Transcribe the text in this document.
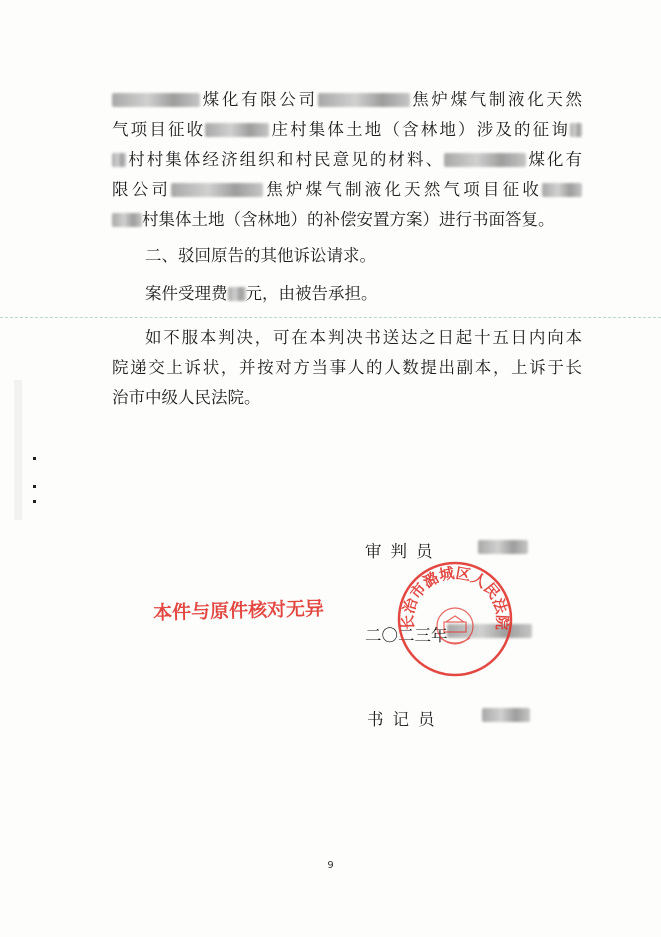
煤化有限公司	焦炉煤气制液化天然
气项目征收	庄村集体土地（含林地）涉及的征询
村村集体经济组织和村民意见的材料、	煤化有
限公司	焦炉煤气制液化天然气项目征收
村集体土地（含林地）的补偿安置方案）进行书面答复。
二、驳回原告的其他诉讼请求。
案件受理费 元，由被告承担。
如不服本判决，可在本判决书送达之日起十五日内向本
院递交上诉状，并按对方当事人的人数提出副本，上诉于长
治市中级人民法院。
审判员
二〇二三年
书记员
本件与原件核对无异	长治市潞城区人民法院
9
